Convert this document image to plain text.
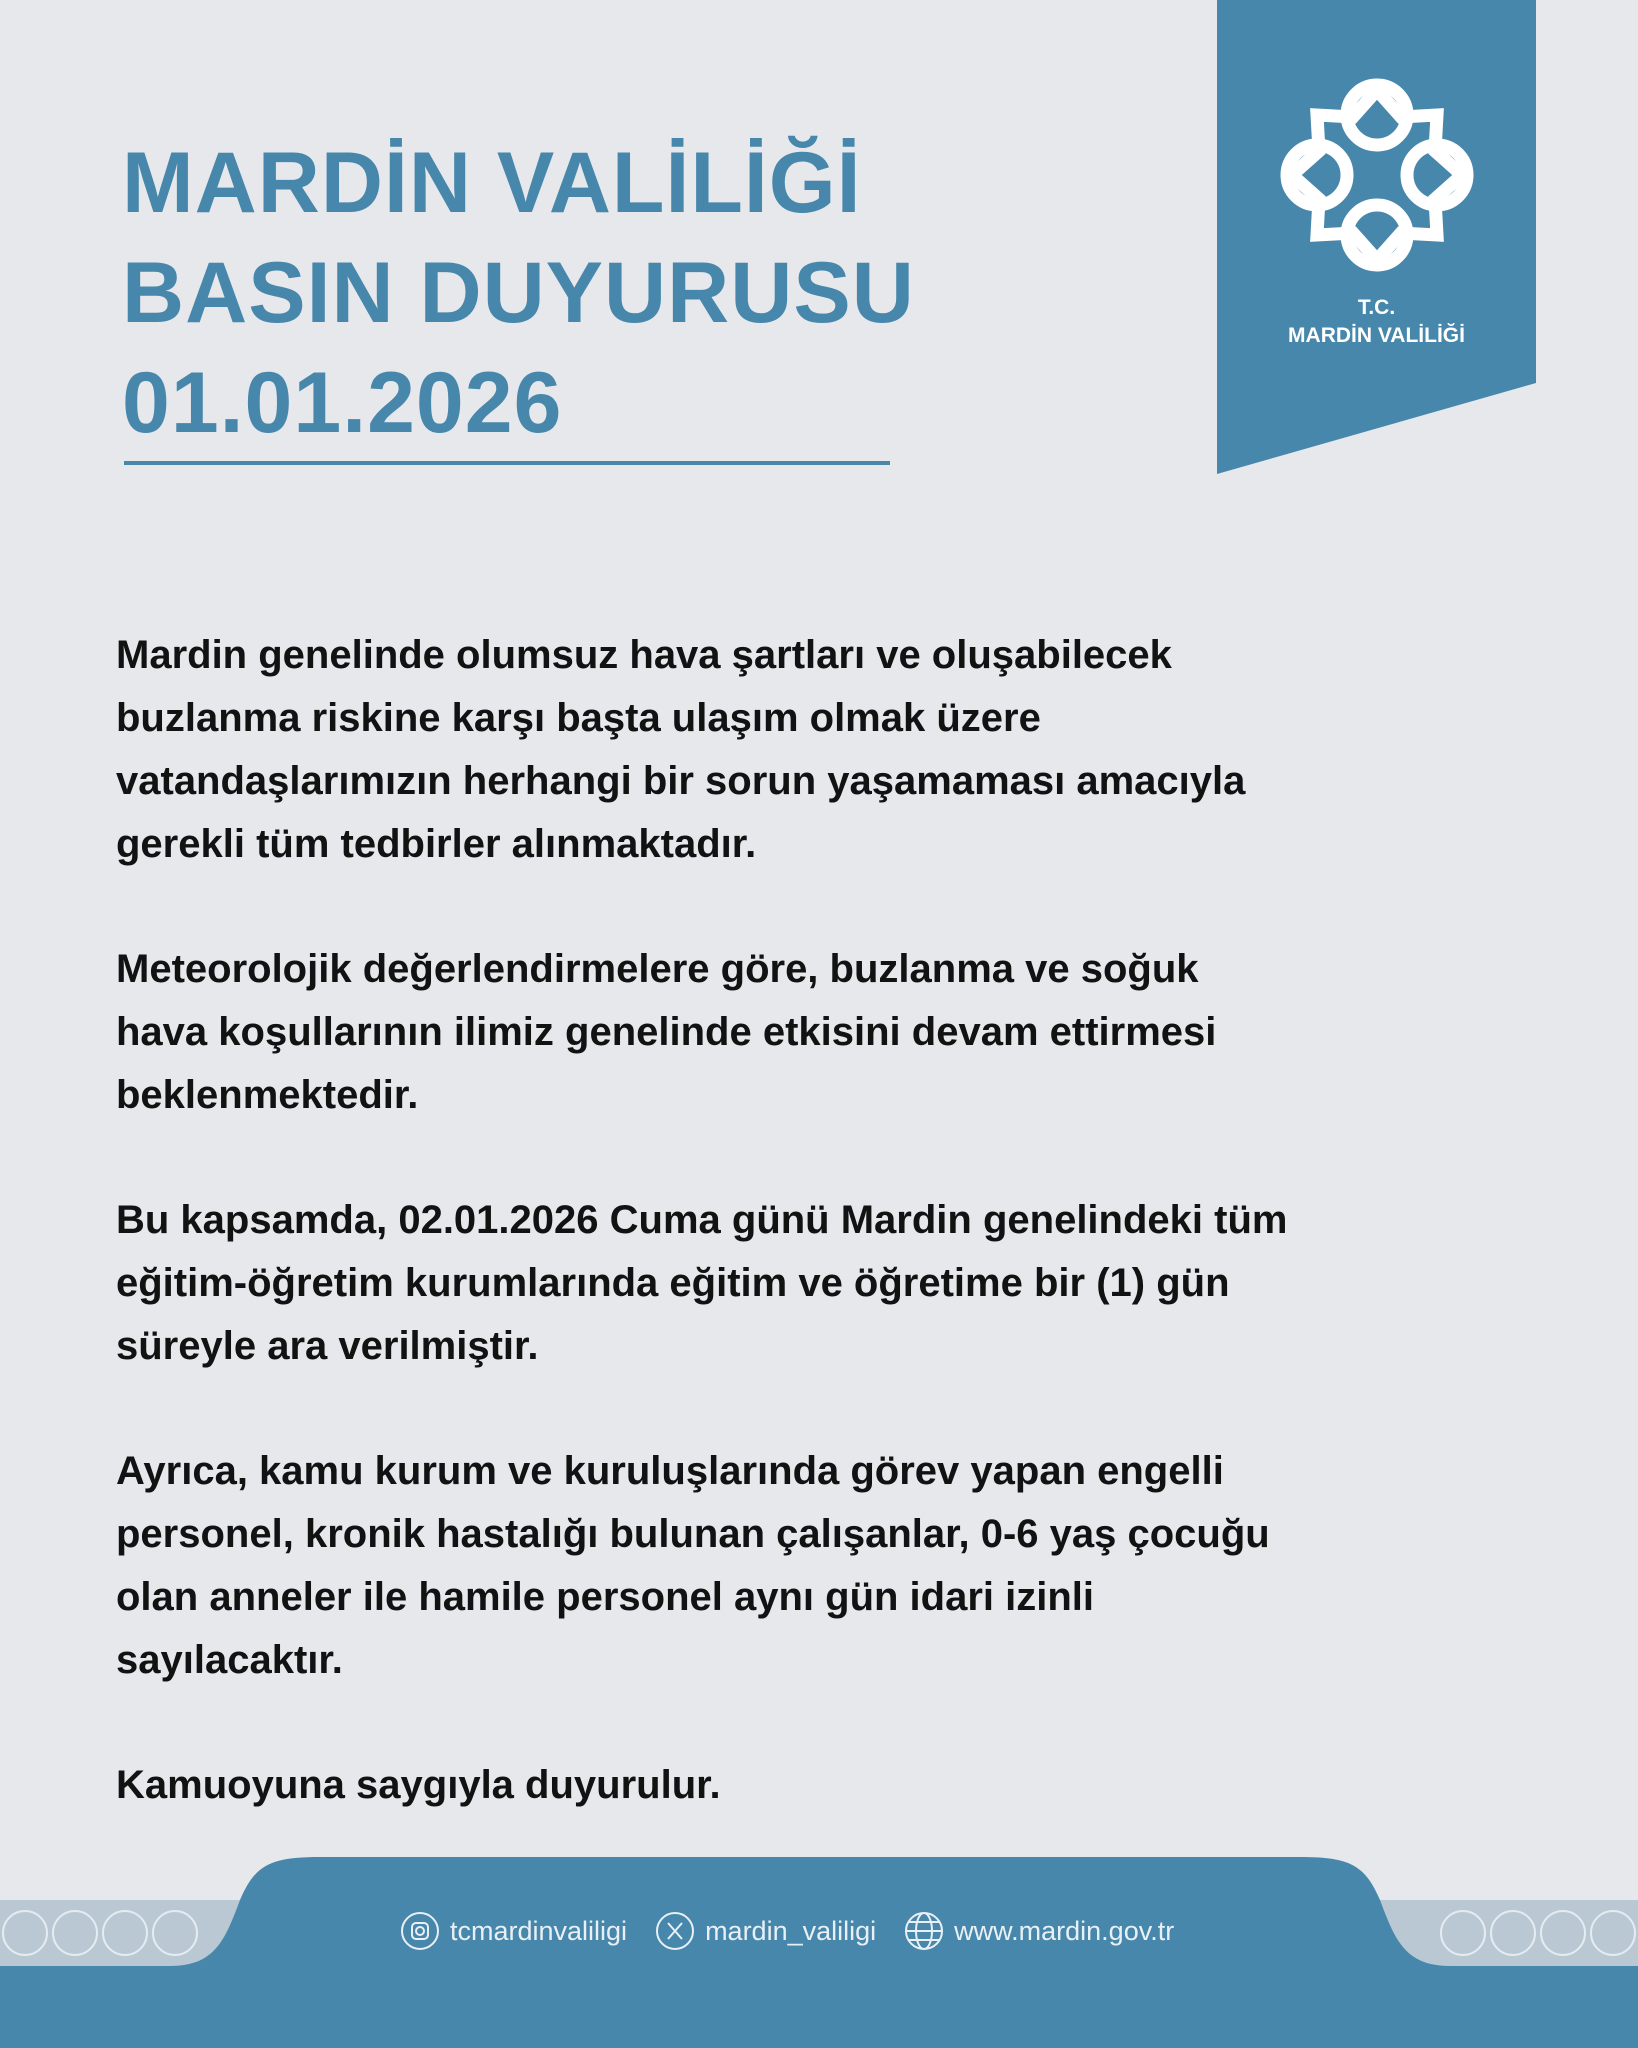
MARDİN VALİLİĞİ
BASIN DUYURUSU
01.01.2026
T.C.
MARDİN VALİLİĞİ

Mardin genelinde olumsuz hava şartları ve oluşabilecek
buzlanma riskine karşı başta ulaşım olmak üzere
vatandaşlarımızın herhangi bir sorun yaşamaması amacıyla
gerekli tüm tedbirler alınmaktadır.

Meteorolojik değerlendirmelere göre, buzlanma ve soğuk
hava koşullarının ilimiz genelinde etkisini devam ettirmesi
beklenmektedir.

Bu kapsamda, 02.01.2026 Cuma günü Mardin genelindeki tüm
eğitim-öğretim kurumlarında eğitim ve öğretime bir (1) gün
süreyle ara verilmiştir.

Ayrıca, kamu kurum ve kuruluşlarında görev yapan engelli
personel, kronik hastalığı bulunan çalışanlar, 0-6 yaş çocuğu
olan anneler ile hamile personel aynı gün idari izinli
sayılacaktır.

Kamuoyuna saygıyla duyurulur.

tcmardinvaliligi	mardin_valiligi	www.mardin.gov.tr
